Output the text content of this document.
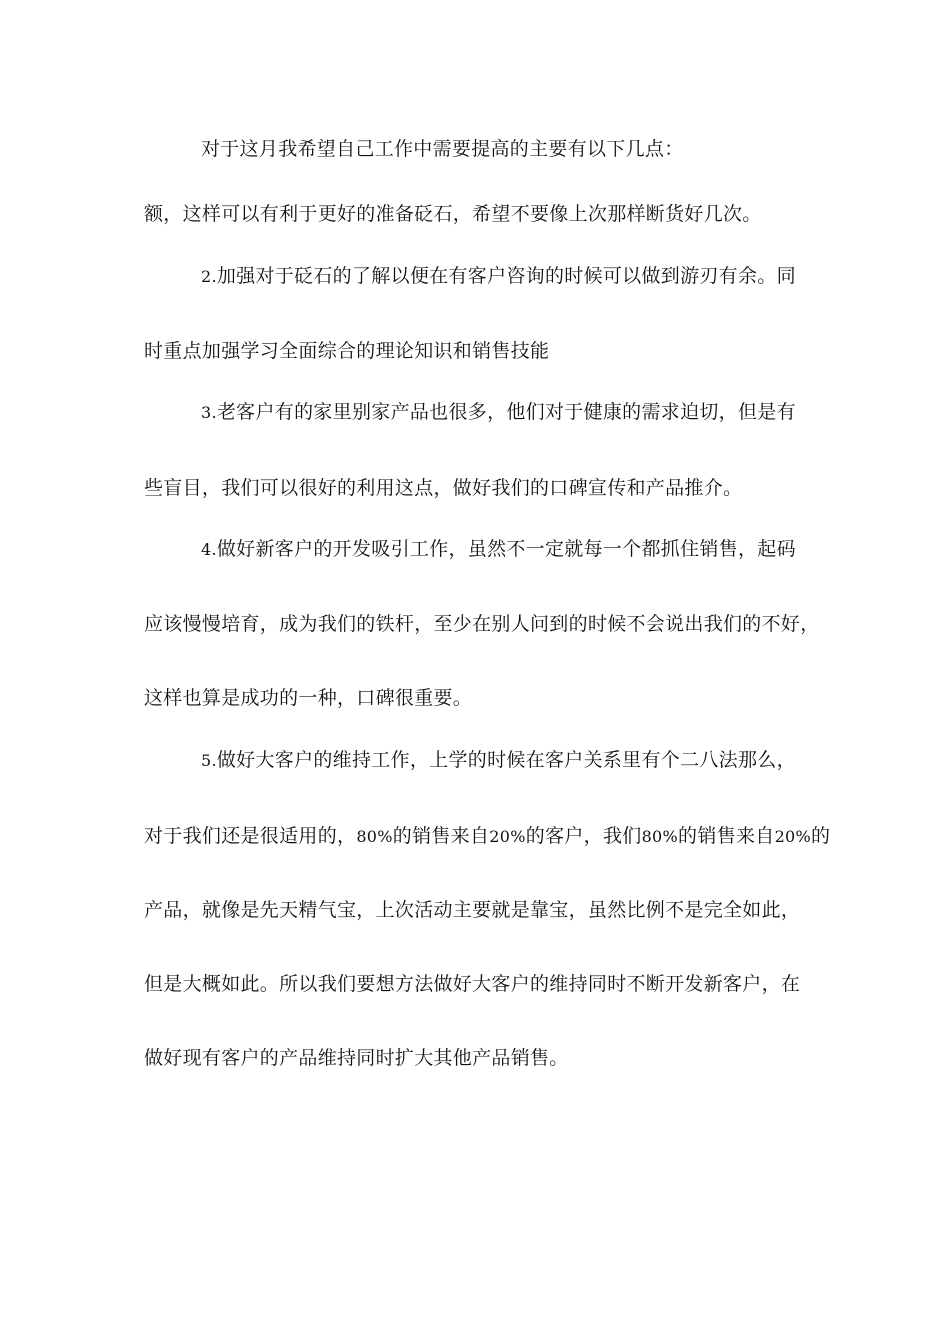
对于这月我希望自己工作中需要提高的主要有以下几点：
额，这样可以有利于更好的准备砭石，希望不要像上次那样断货好几次。
2.加强对于砭石的了解以便在有客户咨询的时候可以做到游刃有余。同
时重点加强学习全面综合的理论知识和销售技能
3.老客户有的家里别家产品也很多，他们对于健康的需求迫切，但是有
些盲目，我们可以很好的利用这点，做好我们的口碑宣传和产品推介。
4.做好新客户的开发吸引工作，虽然不一定就每一个都抓住销售，起码
应该慢慢培育，成为我们的铁杆，至少在别人问到的时候不会说出我们的不好，
这样也算是成功的一种，口碑很重要。
5.做好大客户的维持工作，上学的时候在客户关系里有个二八法那么，
对于我们还是很适用的，80%的销售来自20%的客户，我们80%的销售来自20%的
产品，就像是先天精气宝，上次活动主要就是靠宝，虽然比例不是完全如此，
但是大概如此。所以我们要想方法做好大客户的维持同时不断开发新客户，在
做好现有客户的产品维持同时扩大其他产品销售。
